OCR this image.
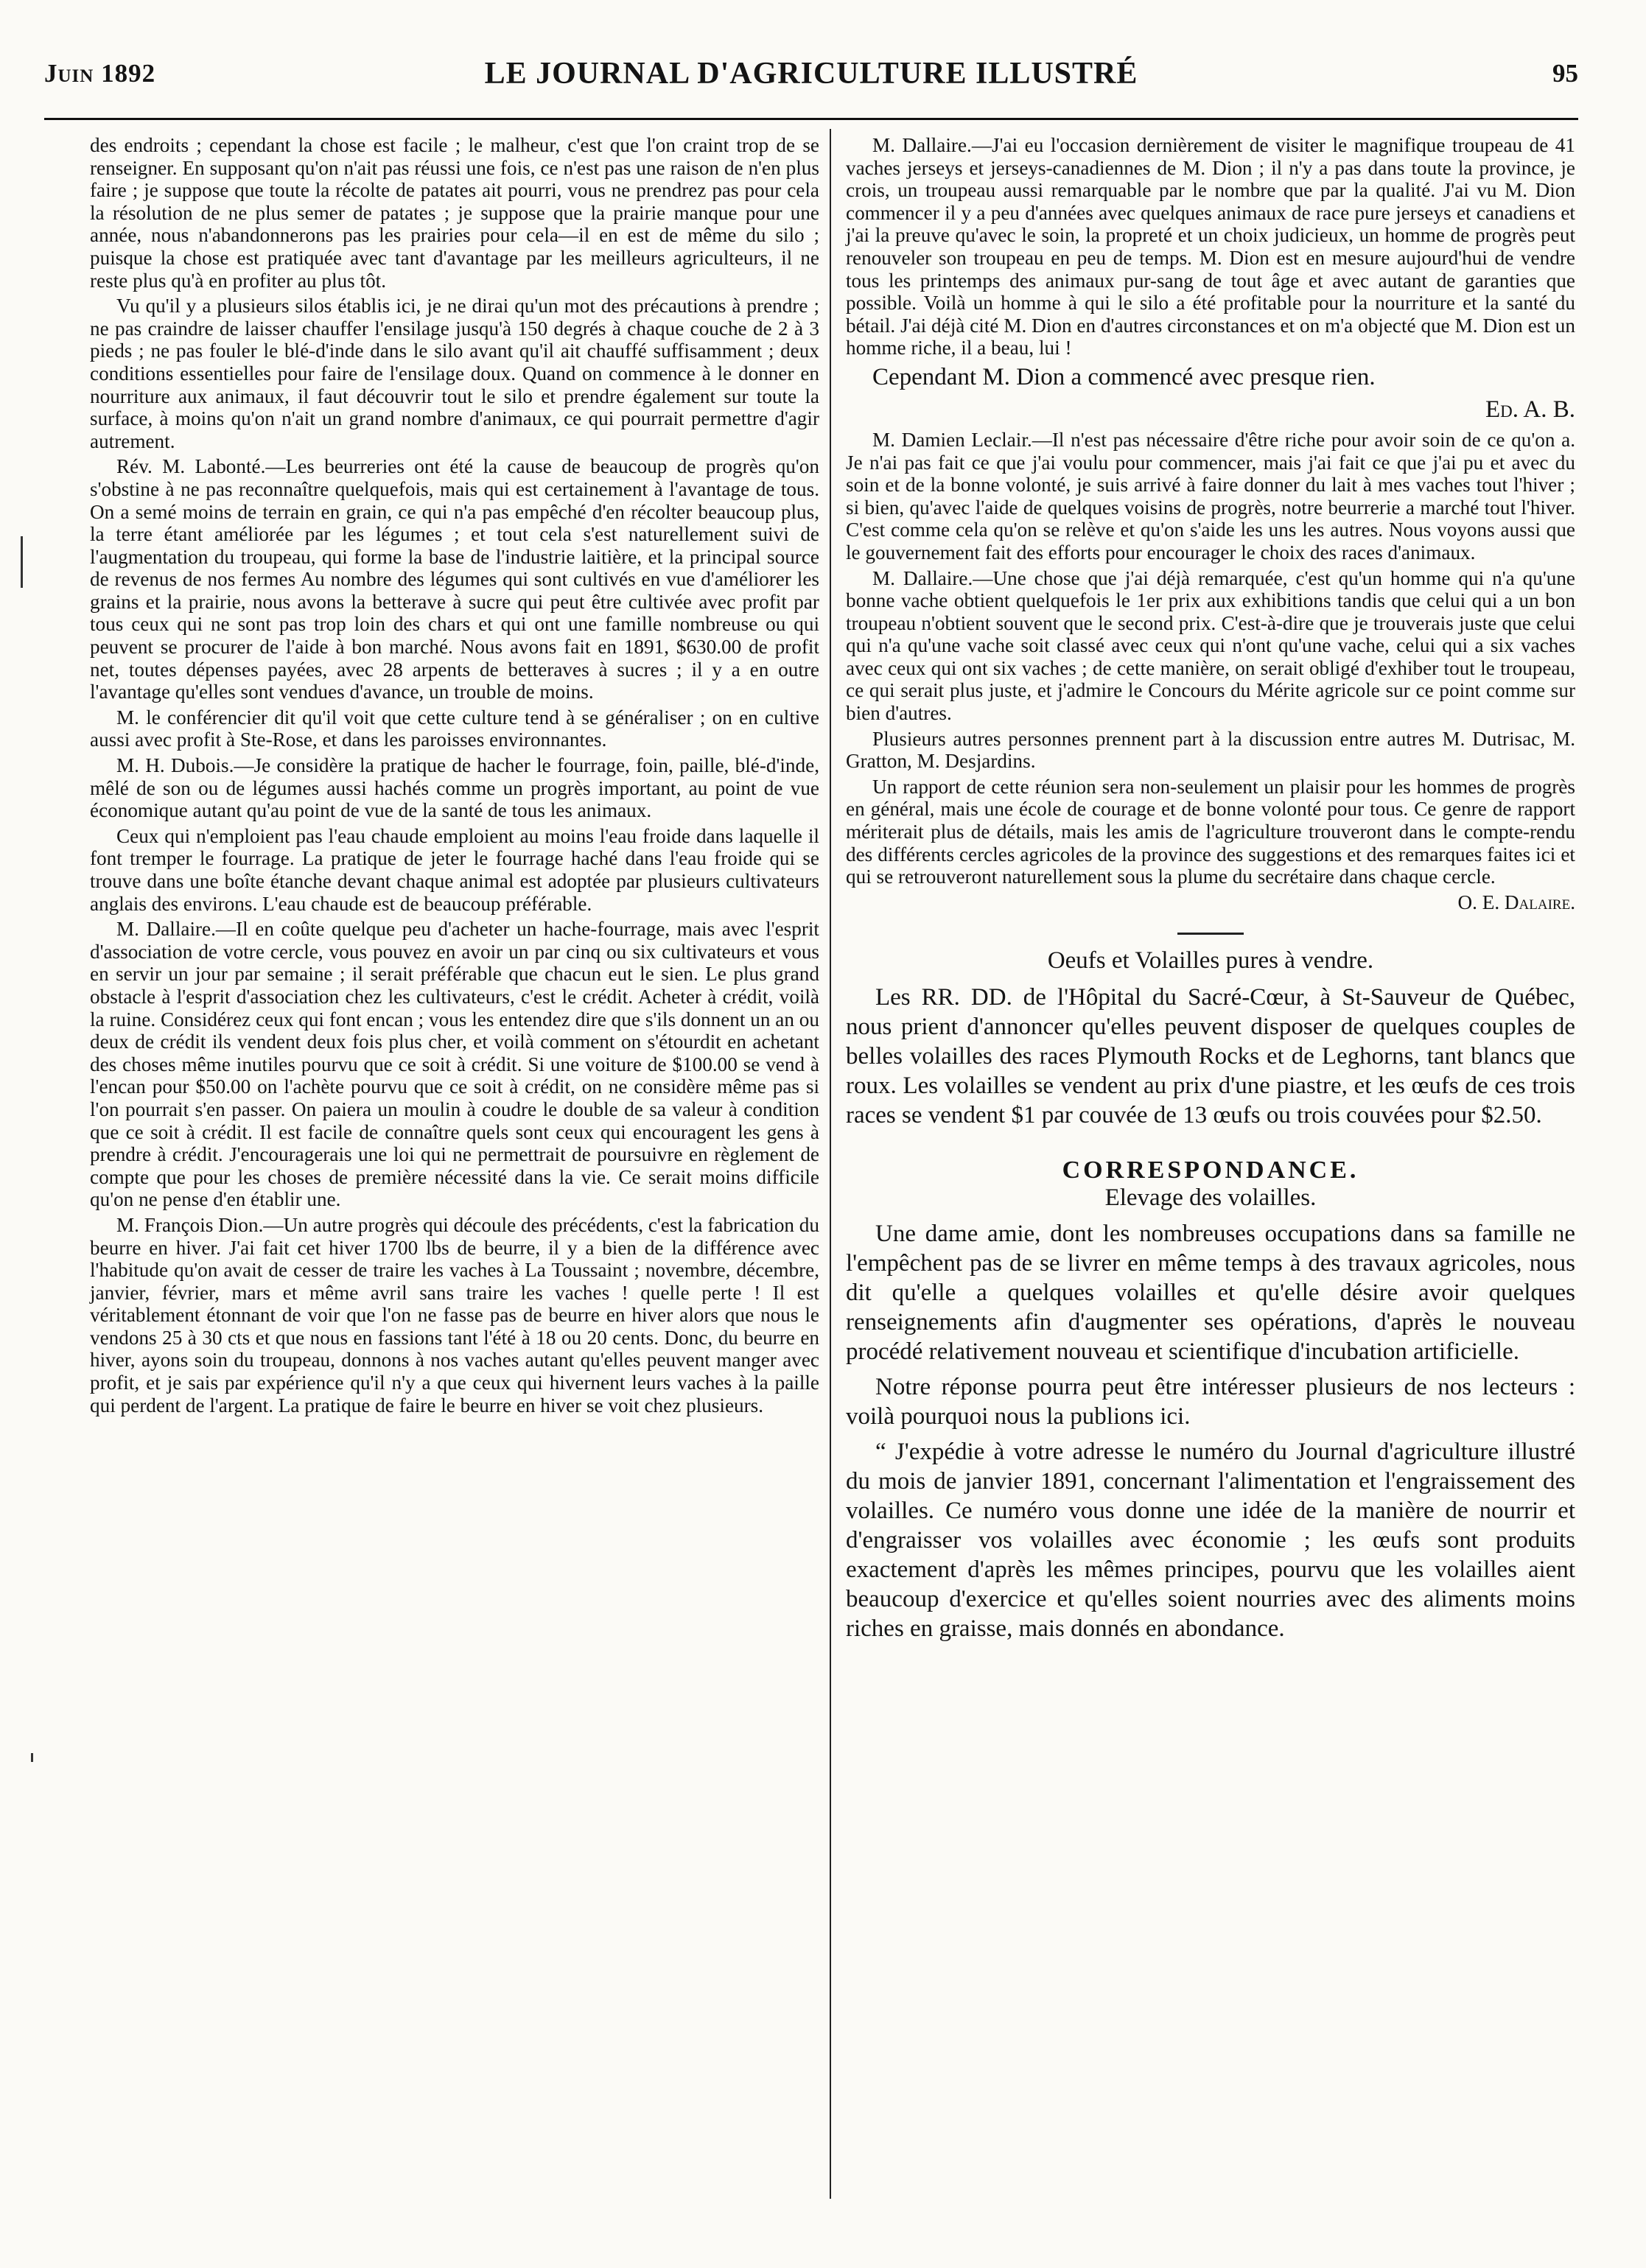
Juin 1892	LE JOURNAL D'AGRICULTURE ILLUSTRÉ	95

des endroits ; cependant la chose est facile ; le malheur, c'est que l'on craint trop de se renseigner. En supposant qu'on n'ait pas réussi une fois, ce n'est pas une raison de n'en plus faire ; je suppose que toute la récolte de patates ait pourri, vous ne prendrez pas pour cela la résolution de ne plus semer de patates ; je suppose que la prairie manque pour une année, nous n'abandonnerons pas les prairies pour cela—il en est de même du silo ; puisque la chose est pratiquée avec tant d'avantage par les meilleurs agriculteurs, il ne reste plus qu'à en profiter au plus tôt.

Vu qu'il y a plusieurs silos établis ici, je ne dirai qu'un mot des précautions à prendre ; ne pas craindre de laisser chauffer l'ensilage jusqu'à 150 degrés à chaque couche de 2 à 3 pieds ; ne pas fouler le blé-d'inde dans le silo avant qu'il ait chauffé suffisamment ; deux conditions essentielles pour faire de l'ensilage doux. Quand on commence à le donner en nourriture aux animaux, il faut découvrir tout le silo et prendre également sur toute la surface, à moins qu'on n'ait un grand nombre d'animaux, ce qui pourrait permettre d'agir autrement.

Rév. M. Labonté.—Les beurreries ont été la cause de beaucoup de progrès qu'on s'obstine à ne pas reconnaître quelquefois, mais qui est certainement à l'avantage de tous. On a semé moins de terrain en grain, ce qui n'a pas empêché d'en récolter beaucoup plus, la terre étant améliorée par les légumes ; et tout cela s'est naturellement suivi de l'augmentation du troupeau, qui forme la base de l'industrie laitière, et la principal source de revenus de nos fermes Au nombre des légumes qui sont cultivés en vue d'améliorer les grains et la prairie, nous avons la betterave à sucre qui peut être cultivée avec profit par tous ceux qui ne sont pas trop loin des chars et qui ont une famille nombreuse ou qui peuvent se procurer de l'aide à bon marché. Nous avons fait en 1891, $630.00 de profit net, toutes dépenses payées, avec 28 arpents de betteraves à sucres ; il y a en outre l'avantage qu'elles sont vendues d'avance, un trouble de moins.

M. le conférencier dit qu'il voit que cette culture tend à se généraliser ; on en cultive aussi avec profit à Ste-Rose, et dans les paroisses environnantes.

M. H. Dubois.—Je considère la pratique de hacher le fourrage, foin, paille, blé-d'inde, mêlé de son ou de légumes aussi hachés comme un progrès important, au point de vue économique autant qu'au point de vue de la santé de tous les animaux.

Ceux qui n'emploient pas l'eau chaude emploient au moins l'eau froide dans laquelle il font tremper le fourrage. La pratique de jeter le fourrage haché dans l'eau froide qui se trouve dans une boîte étanche devant chaque animal est adoptée par plusieurs cultivateurs anglais des environs. L'eau chaude est de beaucoup préférable.

M. Dallaire.—Il en coûte quelque peu d'acheter un hache-fourrage, mais avec l'esprit d'association de votre cercle, vous pouvez en avoir un par cinq ou six cultivateurs et vous en servir un jour par semaine ; il serait préférable que chacun eut le sien. Le plus grand obstacle à l'esprit d'association chez les cultivateurs, c'est le crédit. Acheter à crédit, voilà la ruine. Considérez ceux qui font encan ; vous les entendez dire que s'ils donnent un an ou deux de crédit ils vendent deux fois plus cher, et voilà comment on s'étourdit en achetant des choses même inutiles pourvu que ce soit à crédit. Si une voiture de $100.00 se vend à l'encan pour $50.00 on l'achète pourvu que ce soit à crédit, on ne considère même pas si l'on pourrait s'en passer. On paiera un moulin à coudre le double de sa valeur à condition que ce soit à crédit. Il est facile de connaître quels sont ceux qui encouragent les gens à prendre à crédit. J'encouragerais une loi qui ne permettrait de poursuivre en règlement de compte que pour les choses de première nécessité dans la vie. Ce serait moins difficile qu'on ne pense d'en établir une.

M. François Dion.—Un autre progrès qui découle des précédents, c'est la fabrication du beurre en hiver. J'ai fait cet hiver 1700 lbs de beurre, il y a bien de la différence avec l'habitude qu'on avait de cesser de traire les vaches à La Toussaint ; novembre, décembre, janvier, février, mars et même avril sans traire les vaches ! quelle perte ! Il est véritablement étonnant de voir que l'on ne fasse pas de beurre en hiver alors que nous le vendons 25 à 30 cts et que nous en fassions tant l'été à 18 ou 20 cents. Donc, du beurre en hiver, ayons soin du troupeau, donnons à nos vaches autant qu'elles peuvent manger avec profit, et je sais par expérience qu'il n'y a que ceux qui hivernent leurs vaches à la paille qui perdent de l'argent. La pratique de faire le beurre en hiver se voit chez plusieurs.

M. Dallaire.—J'ai eu l'occasion dernièrement de visiter le magnifique troupeau de 41 vaches jerseys et jerseys-canadiennes de M. Dion ; il n'y a pas dans toute la province, je crois, un troupeau aussi remarquable par le nombre que par la qualité. J'ai vu M. Dion commencer il y a peu d'années avec quelques animaux de race pure jerseys et canadiens et j'ai la preuve qu'avec le soin, la propreté et un choix judicieux, un homme de progrès peut renouveler son troupeau en peu de temps. M. Dion est en mesure aujourd'hui de vendre tous les printemps des animaux pur-sang de tout âge et avec autant de garanties que possible. Voilà un homme à qui le silo a été profitable pour la nourriture et la santé du bétail. J'ai déjà cité M. Dion en d'autres circonstances et on m'a objecté que M. Dion est un homme riche, il a beau, lui !

Cependant M. Dion a commencé avec presque rien.

Ed. A. B.

M. Damien Leclair.—Il n'est pas nécessaire d'être riche pour avoir soin de ce qu'on a. Je n'ai pas fait ce que j'ai voulu pour commencer, mais j'ai fait ce que j'ai pu et avec du soin et de la bonne volonté, je suis arrivé à faire donner du lait à mes vaches tout l'hiver ; si bien, qu'avec l'aide de quelques voisins de progrès, notre beurrerie a marché tout l'hiver. C'est comme cela qu'on se relève et qu'on s'aide les uns les autres. Nous voyons aussi que le gouvernement fait des efforts pour encourager le choix des races d'animaux.

M. Dallaire.—Une chose que j'ai déjà remarquée, c'est qu'un homme qui n'a qu'une bonne vache obtient quelquefois le 1er prix aux exhibitions tandis que celui qui a un bon troupeau n'obtient souvent que le second prix. C'est-à-dire que je trouverais juste que celui qui n'a qu'une vache soit classé avec ceux qui n'ont qu'une vache, celui qui a six vaches avec ceux qui ont six vaches ; de cette manière, on serait obligé d'exhiber tout le troupeau, ce qui serait plus juste, et j'admire le Concours du Mérite agricole sur ce point comme sur bien d'autres.

Plusieurs autres personnes prennent part à la discussion entre autres M. Dutrisac, M. Gratton, M. Desjardins.

Un rapport de cette réunion sera non-seulement un plaisir pour les hommes de progrès en général, mais une école de courage et de bonne volonté pour tous. Ce genre de rapport mériterait plus de détails, mais les amis de l'agriculture trouveront dans le compte-rendu des différents cercles agricoles de la province des suggestions et des remarques faites ici et qui se retrouveront naturellement sous la plume du secrétaire dans chaque cercle.

O. E. Dalaire.
Oeufs et Volailles pures à vendre.

Les RR. DD. de l'Hôpital du Sacré-Cœur, à St-Sauveur de Québec, nous prient d'annoncer qu'elles peuvent disposer de quelques couples de belles volailles des races Plymouth Rocks et de Leghorns, tant blancs que roux. Les volailles se vendent au prix d'une piastre, et les œufs de ces trois races se vendent $1 par couvée de 13 œufs ou trois couvées pour $2.50.

CORRESPONDANCE.
Elevage des volailles.

Une dame amie, dont les nombreuses occupations dans sa famille ne l'empêchent pas de se livrer en même temps à des travaux agricoles, nous dit qu'elle a quelques volailles et qu'elle désire avoir quelques renseignements afin d'augmenter ses opérations, d'après le nouveau procédé relativement nouveau et scientifique d'incubation artificielle.

Notre réponse pourra peut être intéresser plusieurs de nos lecteurs : voilà pourquoi nous la publions ici.

“ J'expédie à votre adresse le numéro du Journal d'agriculture illustré du mois de janvier 1891, concernant l'alimentation et l'engraissement des volailles. Ce numéro vous donne une idée de la manière de nourrir et d'engraisser vos volailles avec économie ; les œufs sont produits exactement d'après les mêmes principes, pourvu que les volailles aient beaucoup d'exercice et qu'elles soient nourries avec des aliments moins riches en graisse, mais donnés en abondance.
